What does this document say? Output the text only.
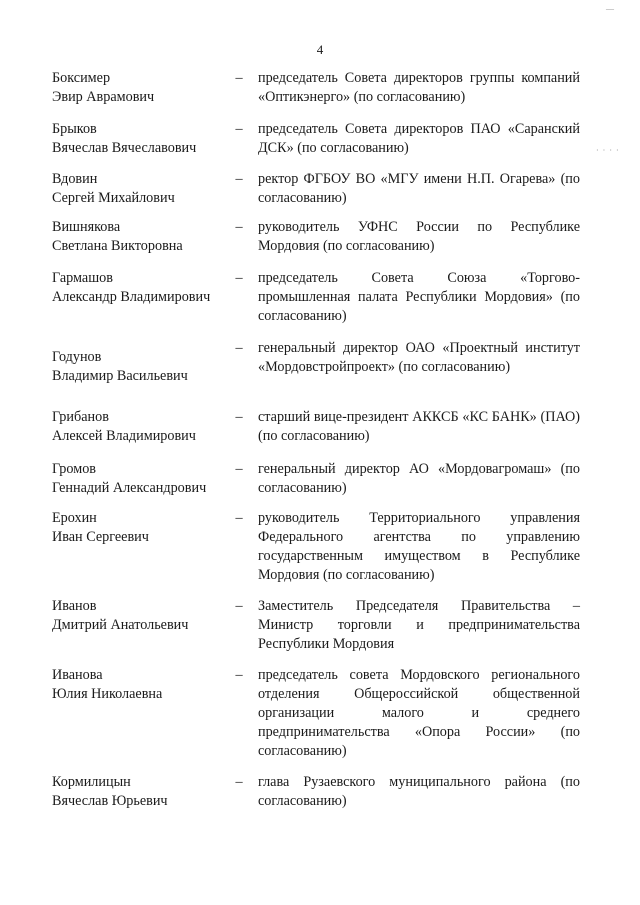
4
Боксимер
Эвир Аврамович
– председатель Совета директоров группы компаний «Оптикэнерго» (по согласованию)
Брыков
Вячеслав Вячеславович
– председатель Совета директоров ПАО «Саранский ДСК» (по согласованию)
Вдовин
Сергей Михайлович
– ректор ФГБОУ ВО «МГУ имени Н.П. Огарева» (по согласованию)
Вишнякова
Светлана Викторовна
– руководитель УФНС России по Республике Мордовия (по согласованию)
Гармашов
Александр Владимирович
– председатель Совета Союза «Торгово-промышленная палата Республики Мордовия» (по согласованию)
Годунов
Владимир Васильевич
– генеральный директор ОАО «Проектный институт «Мордовстройпроект» (по согласованию)
Грибанов
Алексей Владимирович
– старший вице-президент АККСБ «КС БАНК» (ПАО) (по согласованию)
Громов
Геннадий Александрович
– генеральный директор АО «Мордовагромаш» (по согласованию)
Ерохин
Иван Сергеевич
– руководитель Территориального управления Федерального агентства по управлению государственным имуществом в Республике Мордовия (по согласованию)
Иванов
Дмитрий Анатольевич
– Заместитель Председателя Правительства – Министр торговли и предпринимательства Республики Мордовия
Иванова
Юлия Николаевна
– председатель совета Мордовского регионального отделения Общероссийской общественной организации малого и среднего предпринимательства «Опора России» (по согласованию)
Кормилицын
Вячеслав Юрьевич
– глава Рузаевского муниципального района (по согласованию)
· · · ·
—
